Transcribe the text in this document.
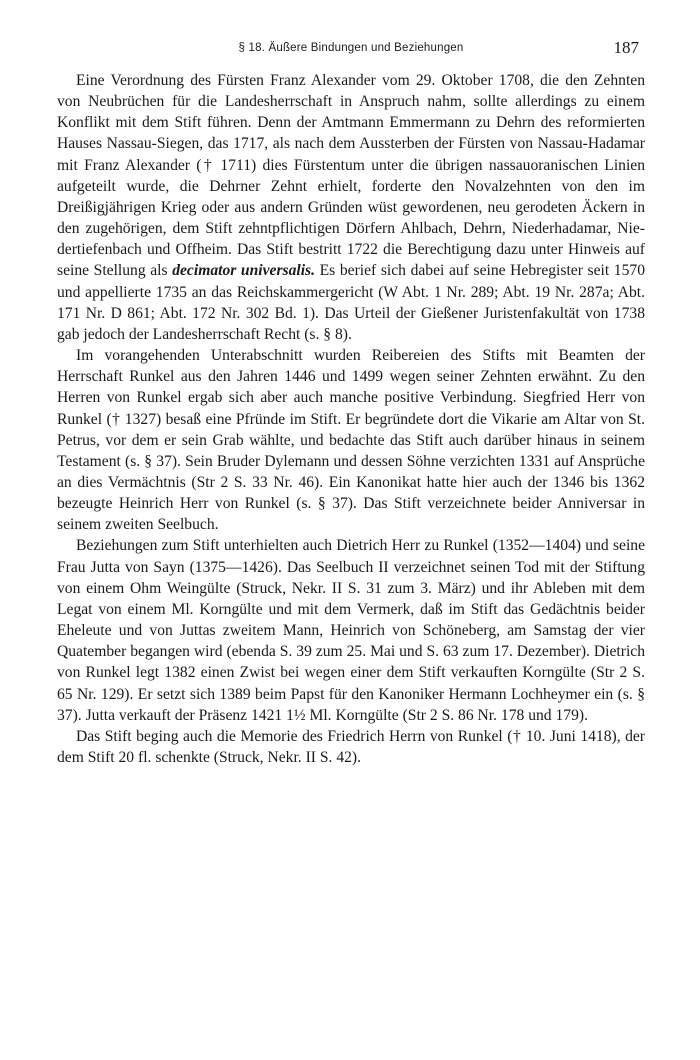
§ 18. Äußere Bindungen und Beziehungen	187

Eine Verordnung des Fürsten Franz Alexander vom 29. Oktober 1708, die den Zehnten von Neubrüchen für die Landesherrschaft in Anspruch nahm, sollte allerdings zu einem Konflikt mit dem Stift führen. Denn der Amtmann Emmermann zu Dehrn des reformierten Hauses Nassau-Siegen, das 1717, als nach dem Aussterben der Fürsten von Nassau-Hadamar mit Franz Alexander († 1711) dies Fürstentum unter die übrigen nassauoranischen Linien aufgeteilt wurde, die Dehrner Zehnt erhielt, forderte den Novalzehnten von den im Dreißigjährigen Krieg oder aus andern Gründen wüst gewordenen, neu gerodeten Äckern in den zugehörigen, dem Stift zehntpflichtigen Dörfern Ahlbach, Dehrn, Niederhadamar, Niedertiefenbach und Offheim. Das Stift bestritt 1722 die Berechtigung dazu unter Hinweis auf seine Stellung als decimator universalis. Es berief sich dabei auf seine Hebregister seit 1570 und appellierte 1735 an das Reichskammergericht (W Abt. 1 Nr. 289; Abt. 19 Nr. 287a; Abt. 171 Nr. D 861; Abt. 172 Nr. 302 Bd. 1). Das Urteil der Gießener Juristenfakultät von 1738 gab jedoch der Landesherrschaft Recht (s. § 8).

Im vorangehenden Unterabschnitt wurden Reibereien des Stifts mit Beamten der Herrschaft Runkel aus den Jahren 1446 und 1499 wegen seiner Zehnten erwähnt. Zu den Herren von Runkel ergab sich aber auch manche positive Verbindung. Siegfried Herr von Runkel († 1327) besaß eine Pfründe im Stift. Er begründete dort die Vikarie am Altar von St. Petrus, vor dem er sein Grab wählte, und bedachte das Stift auch darüber hinaus in seinem Testament (s. § 37). Sein Bruder Dylemann und dessen Söhne verzichten 1331 auf Ansprüche an dies Vermächtnis (Str 2 S. 33 Nr. 46). Ein Kanonikat hatte hier auch der 1346 bis 1362 bezeugte Heinrich Herr von Runkel (s. § 37). Das Stift verzeichnete beider Anniversar in seinem zweiten Seelbuch.

Beziehungen zum Stift unterhielten auch Dietrich Herr zu Runkel (1352—1404) und seine Frau Jutta von Sayn (1375—1426). Das Seelbuch II verzeichnet seinen Tod mit der Stiftung von einem Ohm Weingülte (Struck, Nekr. II S. 31 zum 3. März) und ihr Ableben mit dem Legat von einem Ml. Korngülte und mit dem Vermerk, daß im Stift das Gedächtnis beider Eheleute und von Juttas zweitem Mann, Heinrich von Schöneberg, am Samstag der vier Quatember begangen wird (ebenda S. 39 zum 25. Mai und S. 63 zum 17. Dezember). Dietrich von Runkel legt 1382 einen Zwist bei wegen einer dem Stift verkauften Korngülte (Str 2 S. 65 Nr. 129). Er setzt sich 1389 beim Papst für den Kanoniker Hermann Lochheymer ein (s. § 37). Jutta verkauft der Präsenz 1421 1½ Ml. Korngülte (Str 2 S. 86 Nr. 178 und 179).

Das Stift beging auch die Memorie des Friedrich Herrn von Runkel († 10. Juni 1418), der dem Stift 20 fl. schenkte (Struck, Nekr. II S. 42).
